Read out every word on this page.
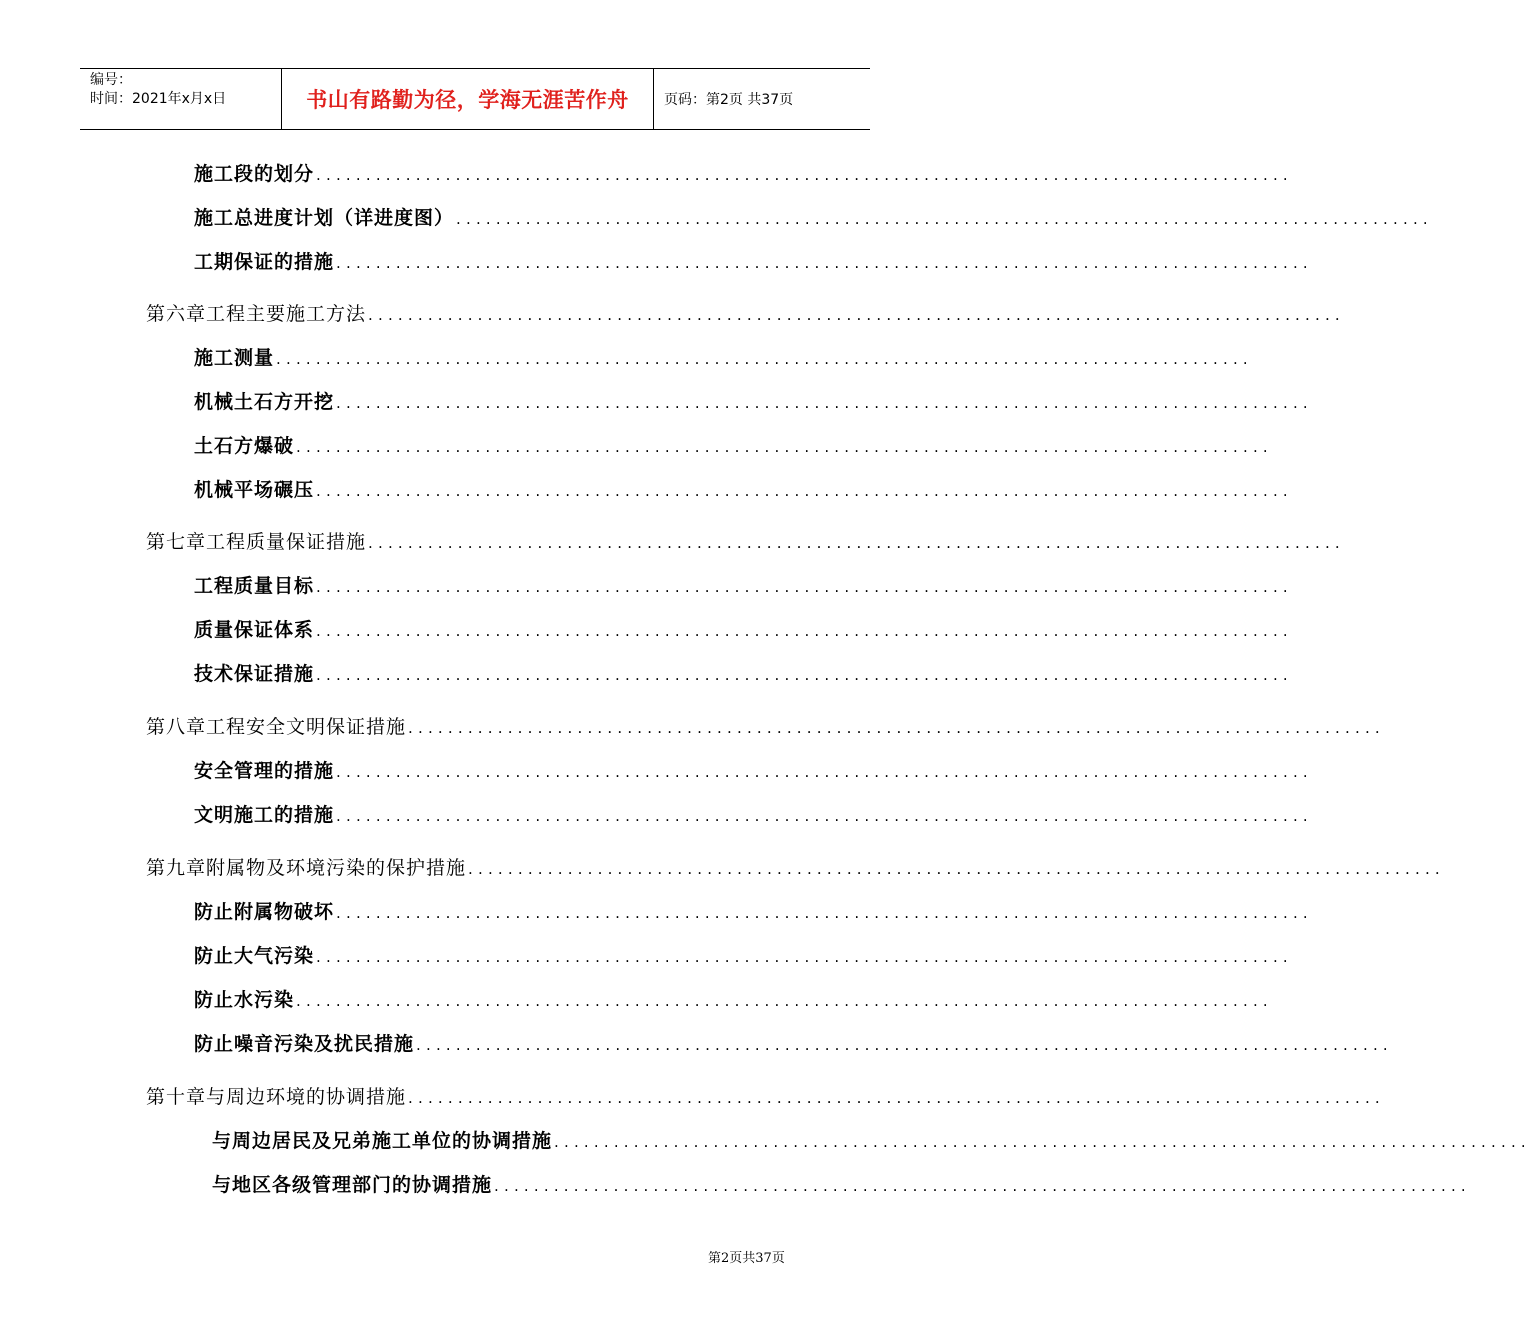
编号：
时间：2021年x月x日	书山有路勤为径，学海无涯苦作舟	页码：第2页 共37页
施工段的划分 ..................................................................................................
施工总进度计划（详进度图） ..................................................................................................
工期保证的措施 ..................................................................................................
第六章 工程主要施工方法 ..................................................................................................
施工测量 ..................................................................................................
机械土石方开挖 ..................................................................................................
土石方爆破 ..................................................................................................
机械平场碾压 ..................................................................................................
第七章 工程质量保证措施 ..................................................................................................
工程质量目标 ..................................................................................................
质量保证体系 ..................................................................................................
技术保证措施 ..................................................................................................
第八章 工程安全文明保证措施 ..................................................................................................
安全管理的措施 ..................................................................................................
文明施工的措施 ..................................................................................................
第九章 附属物及环境污染的保护措施 ..................................................................................................
防止附属物破坏 ..................................................................................................
防止大气污染 ..................................................................................................
防止水污染 ..................................................................................................
防止噪音污染及扰民措施 ..................................................................................................
第十章 与周边环境的协调措施 ..................................................................................................
与周边居民及兄弟施工单位的协调措施 ..................................................................................................
与地区各级管理部门的协调措施 ..................................................................................................
第2页共37页
